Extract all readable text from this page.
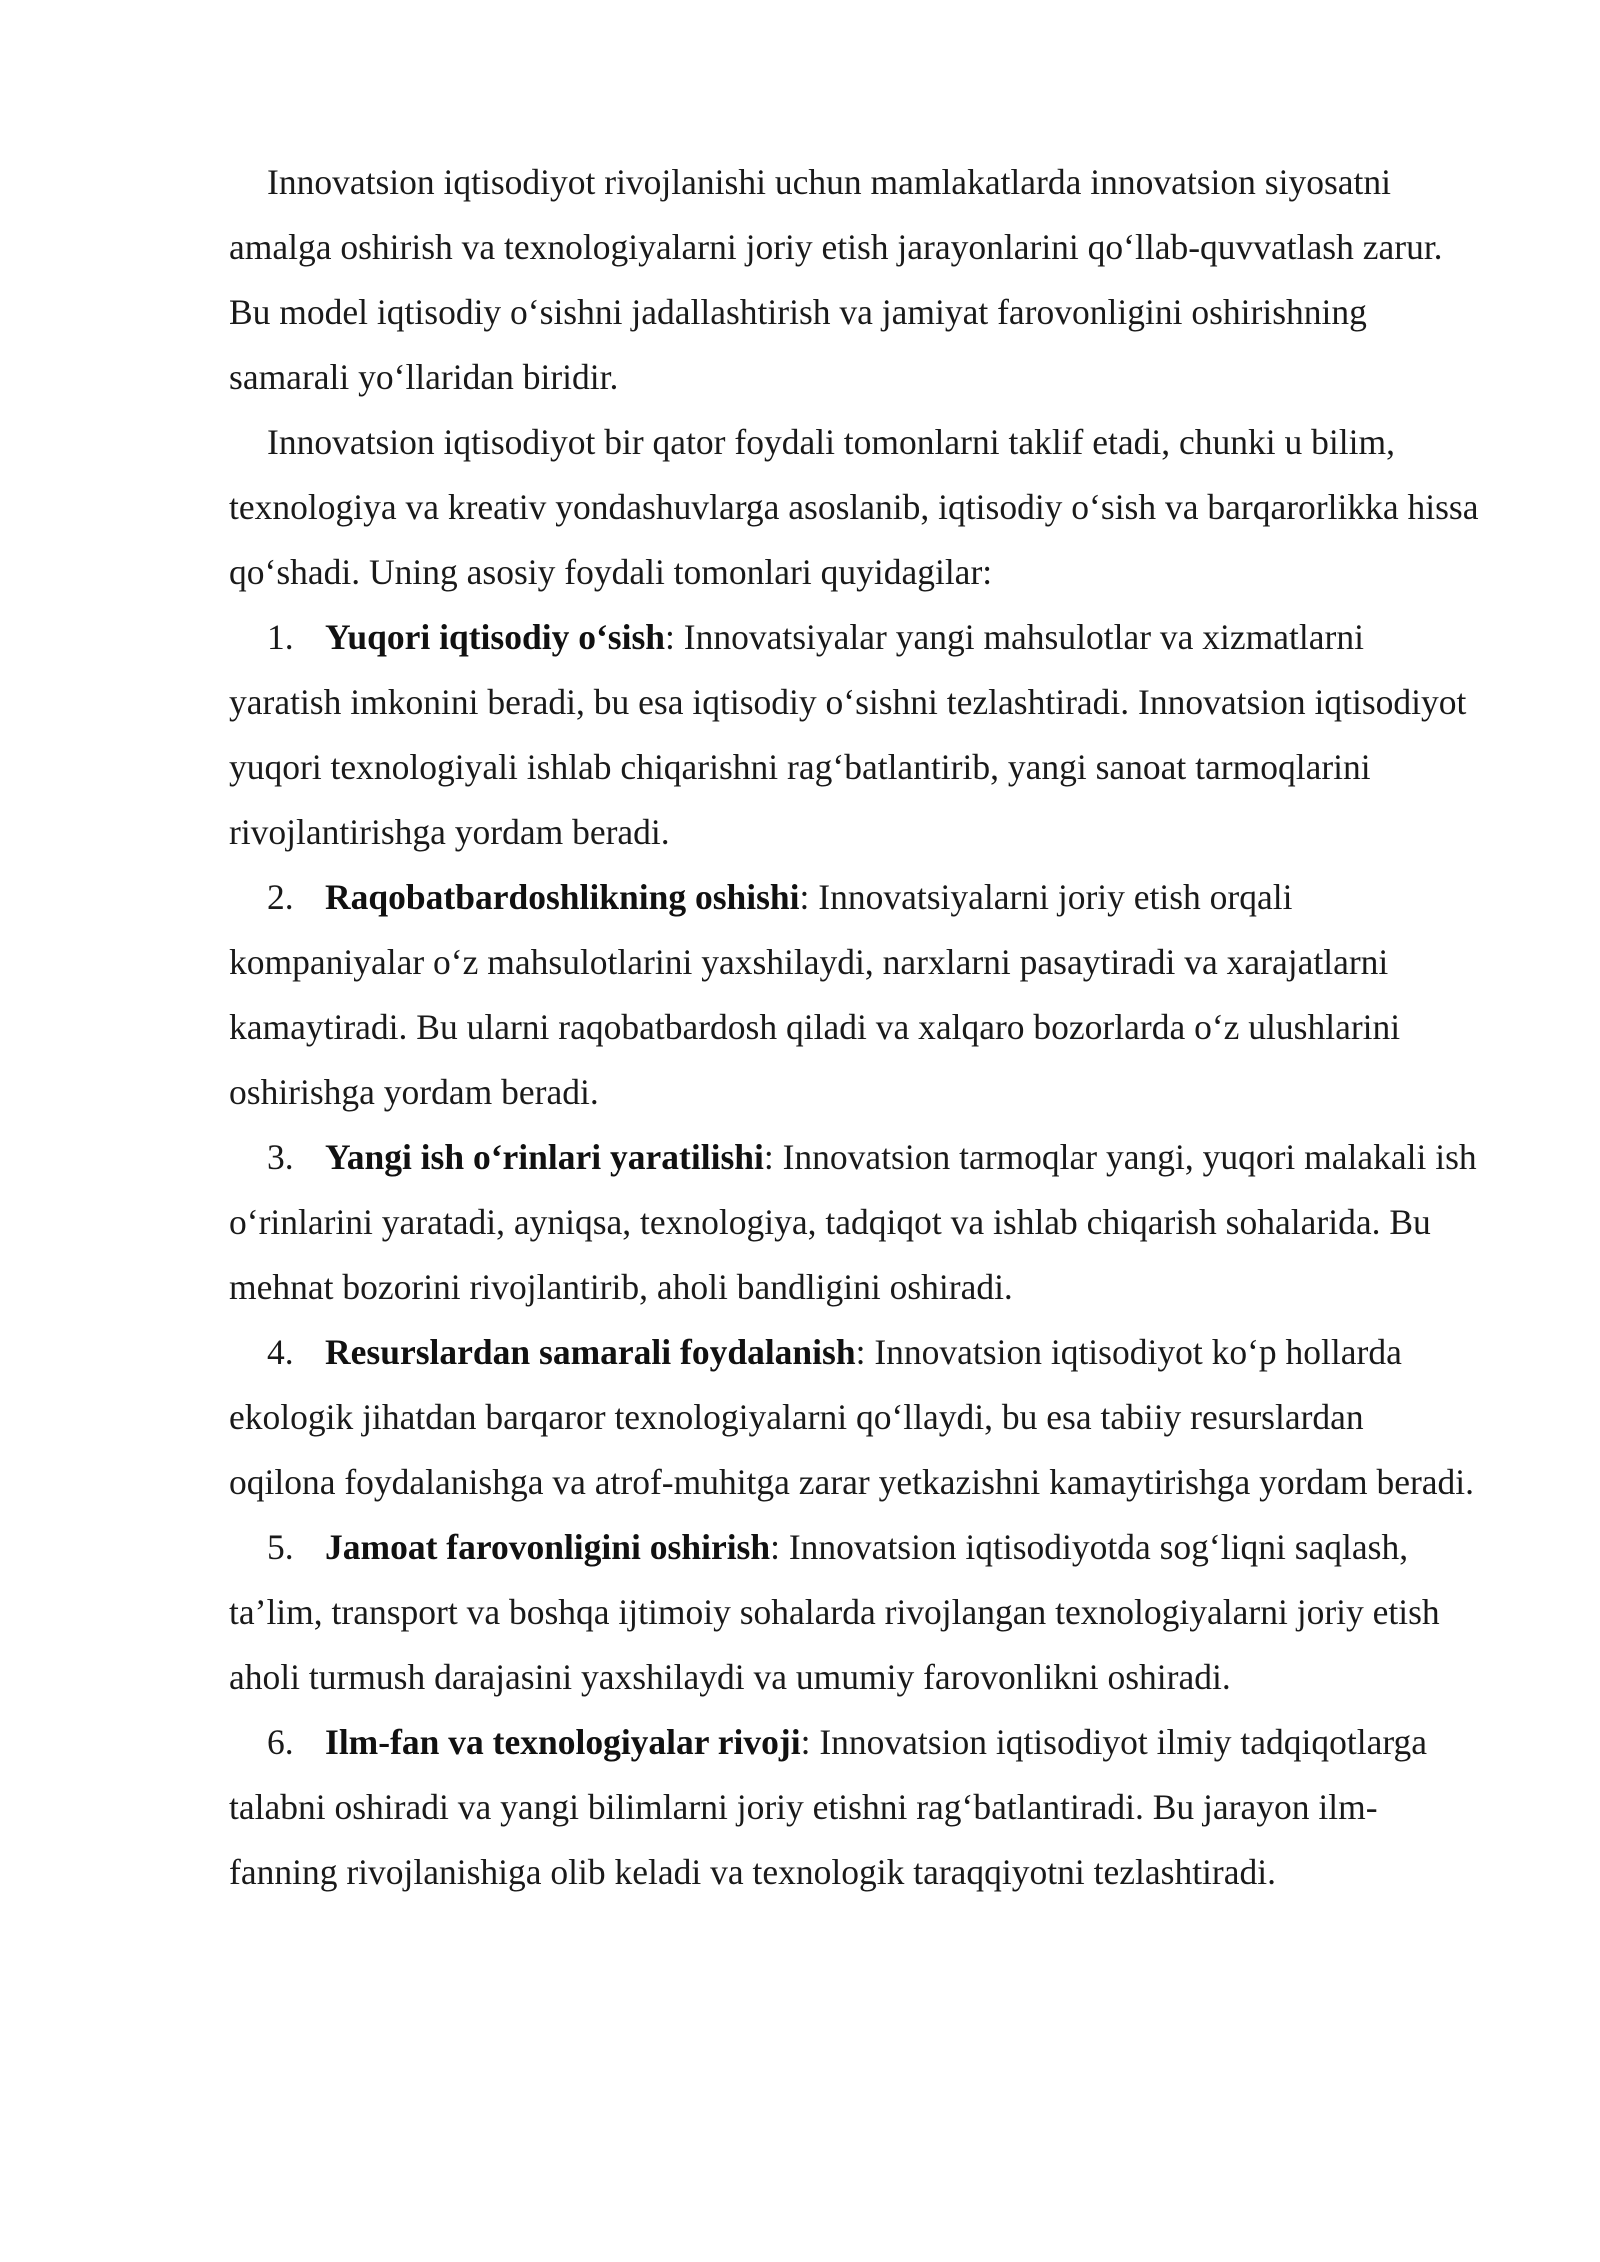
Innovatsion iqtisodiyot rivojlanishi uchun mamlakatlarda innovatsion siyosatni amalga oshirish va texnologiyalarni joriy etish jarayonlarini qo‘llab-quvvatlash zarur. Bu model iqtisodiy o‘sishni jadallashtirish va jamiyat farovonligini oshirishning samarali yo‘llaridan biridir.

Innovatsion iqtisodiyot bir qator foydali tomonlarni taklif etadi, chunki u bilim, texnologiya va kreativ yondashuvlarga asoslanib, iqtisodiy o‘sish va barqarorlikka hissa qo‘shadi. Uning asosiy foydali tomonlari quyidagilar:

1. Yuqori iqtisodiy o‘sish: Innovatsiyalar yangi mahsulotlar va xizmatlarni yaratish imkonini beradi, bu esa iqtisodiy o‘sishni tezlashtiradi. Innovatsion iqtisodiyot yuqori texnologiyali ishlab chiqarishni rag‘batlantirib, yangi sanoat tarmoqlarini rivojlantirishga yordam beradi.

2. Raqobatbardoshlikning oshishi: Innovatsiyalarni joriy etish orqali kompaniyalar o‘z mahsulotlarini yaxshilaydi, narxlarni pasaytiradi va xarajatlarni kamaytiradi. Bu ularni raqobatbardosh qiladi va xalqaro bozorlarda o‘z ulushlarini oshirishga yordam beradi.

3. Yangi ish o‘rinlari yaratilishi: Innovatsion tarmoqlar yangi, yuqori malakali ish o‘rinlarini yaratadi, ayniqsa, texnologiya, tadqiqot va ishlab chiqarish sohalarida. Bu mehnat bozorini rivojlantirib, aholi bandligini oshiradi.

4. Resurslardan samarali foydalanish: Innovatsion iqtisodiyot ko‘p hollarda ekologik jihatdan barqaror texnologiyalarni qo‘llaydi, bu esa tabiiy resurslardan oqilona foydalanishga va atrof-muhitga zarar yetkazishni kamaytirishga yordam beradi.

5. Jamoat farovonligini oshirish: Innovatsion iqtisodiyotda sog‘liqni saqlash, ta’lim, transport va boshqa ijtimoiy sohalarda rivojlangan texnologiyalarni joriy etish aholi turmush darajasini yaxshilaydi va umumiy farovonlikni oshiradi.

6. Ilm-fan va texnologiyalar rivoji: Innovatsion iqtisodiyot ilmiy tadqiqotlarga talabni oshiradi va yangi bilimlarni joriy etishni rag‘batlantiradi. Bu jarayon ilm-fanning rivojlanishiga olib keladi va texnologik taraqqiyotni tezlashtiradi.
